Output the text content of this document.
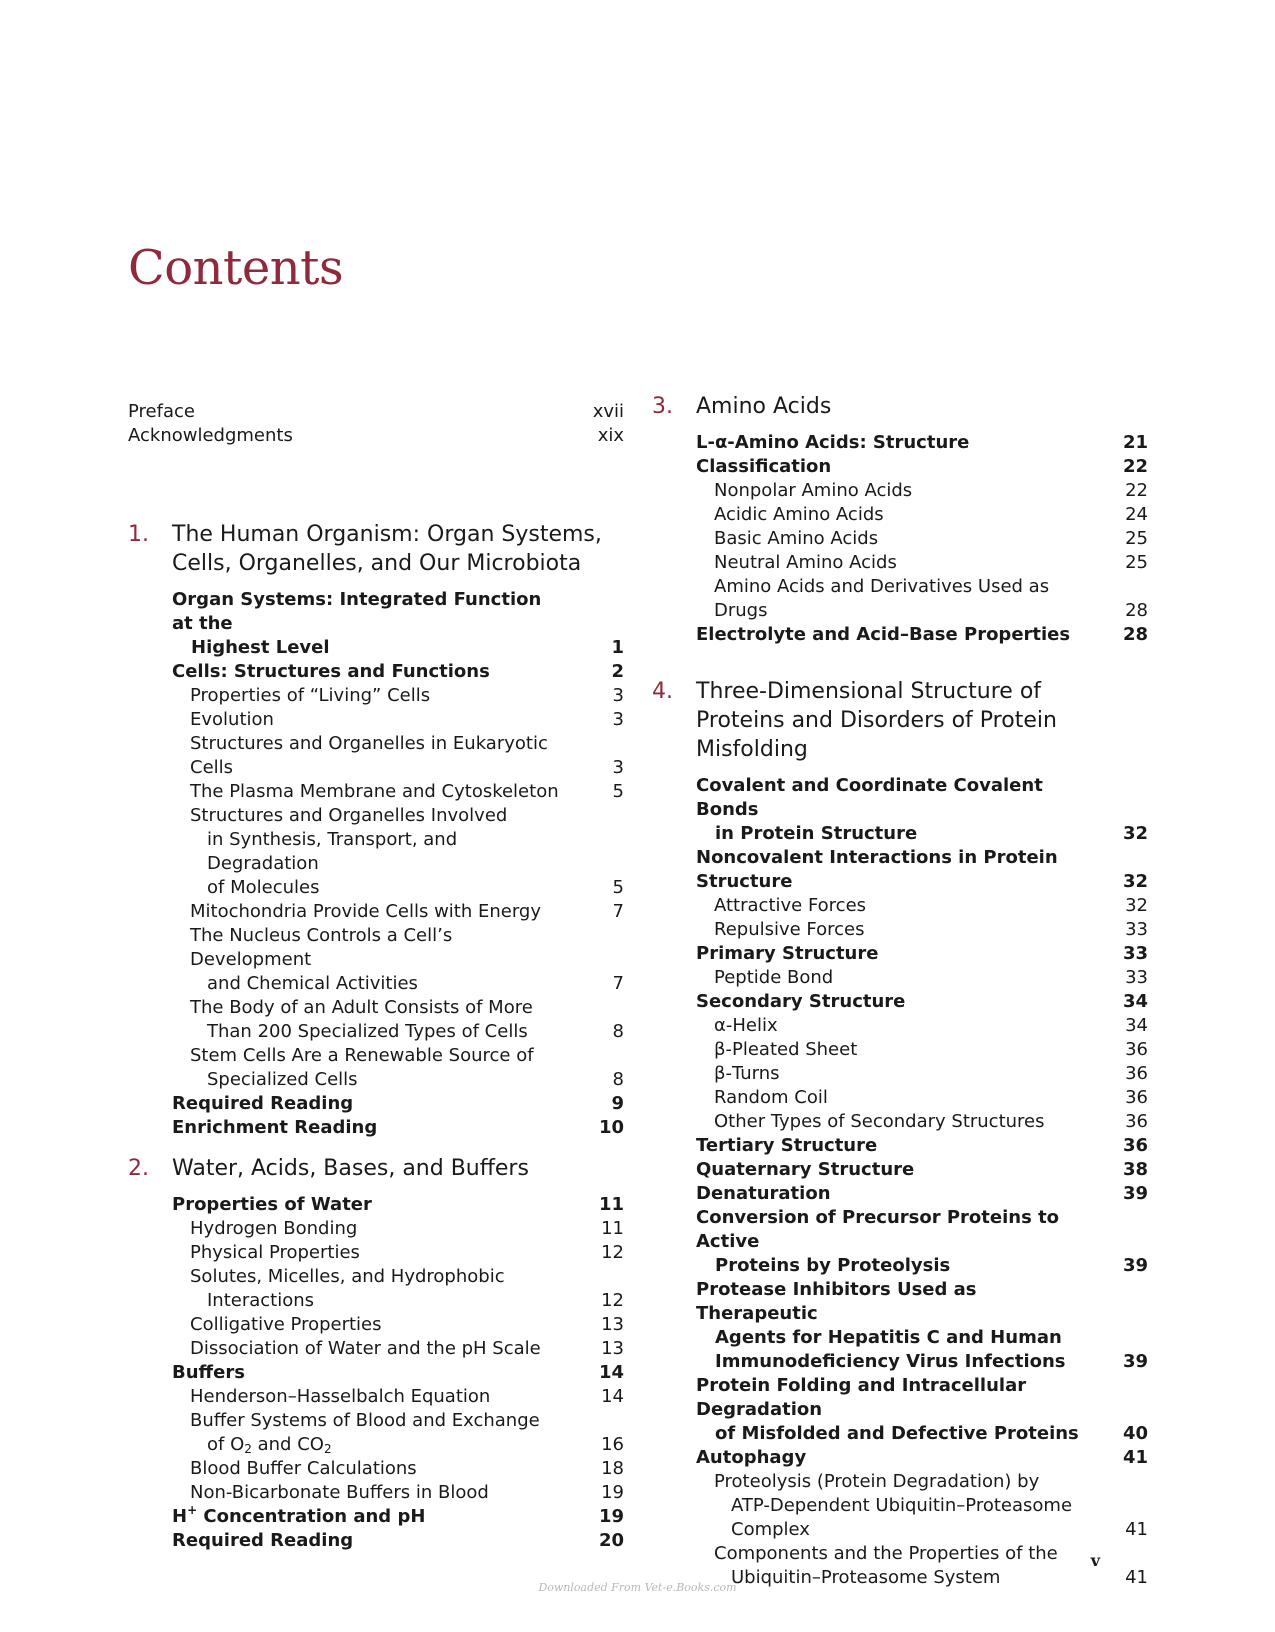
Contents
Preface	xvii
Acknowledgments	xix
1.	The Human Organism: Organ Systems, Cells, Organelles, and Our Microbiota
Organ Systems: Integrated Function at the
Highest Level	1
Cells: Structures and Functions	2
Properties of “Living” Cells	3
Evolution	3
Structures and Organelles in Eukaryotic Cells	3
The Plasma Membrane and Cytoskeleton	5
Structures and Organelles Involved
in Synthesis, Transport, and Degradation
of Molecules	5
Mitochondria Provide Cells with Energy	7
The Nucleus Controls a Cell’s Development
and Chemical Activities	7
The Body of an Adult Consists of More
Than 200 Specialized Types of Cells	8
Stem Cells Are a Renewable Source of
Specialized Cells	8
Required Reading	9
Enrichment Reading	10
2.	Water, Acids, Bases, and Buffers
Properties of Water	11
Hydrogen Bonding	11
Physical Properties	12
Solutes, Micelles, and Hydrophobic
Interactions	12
Colligative Properties	13
Dissociation of Water and the pH Scale	13
Buffers	14
Henderson–Hasselbalch Equation	14
Buffer Systems of Blood and Exchange
of $O_2$ and $CO_2$	16
Blood Buffer Calculations	18
Non-Bicarbonate Buffers in Blood	19
H+ Concentration and pH	19
Required Reading	20
3.	Amino Acids
L-α-Amino Acids: Structure	21
Classification	22
Nonpolar Amino Acids	22
Acidic Amino Acids	24
Basic Amino Acids	25
Neutral Amino Acids	25
Amino Acids and Derivatives Used as Drugs	28
Electrolyte and Acid–Base Properties	28
4.	Three-Dimensional Structure of Proteins and Disorders of Protein Misfolding
Covalent and Coordinate Covalent Bonds
in Protein Structure	32
Noncovalent Interactions in Protein Structure	32
Attractive Forces	32
Repulsive Forces	33
Primary Structure	33
Peptide Bond	33
Secondary Structure	34
α-Helix	34
β-Pleated Sheet	36
β-Turns	36
Random Coil	36
Other Types of Secondary Structures	36
Tertiary Structure	36
Quaternary Structure	38
Denaturation	39
Conversion of Precursor Proteins to Active
Proteins by Proteolysis	39
Protease Inhibitors Used as Therapeutic
Agents for Hepatitis C and Human
Immunodeficiency Virus Infections	39
Protein Folding and Intracellular Degradation
of Misfolded and Defective Proteins	40
Autophagy	41
Proteolysis (Protein Degradation) by
ATP-Dependent Ubiquitin–Proteasome
Complex	41
Components and the Properties of the
Ubiquitin–Proteasome System	41
v
Downloaded From Vet-e.Books.com
